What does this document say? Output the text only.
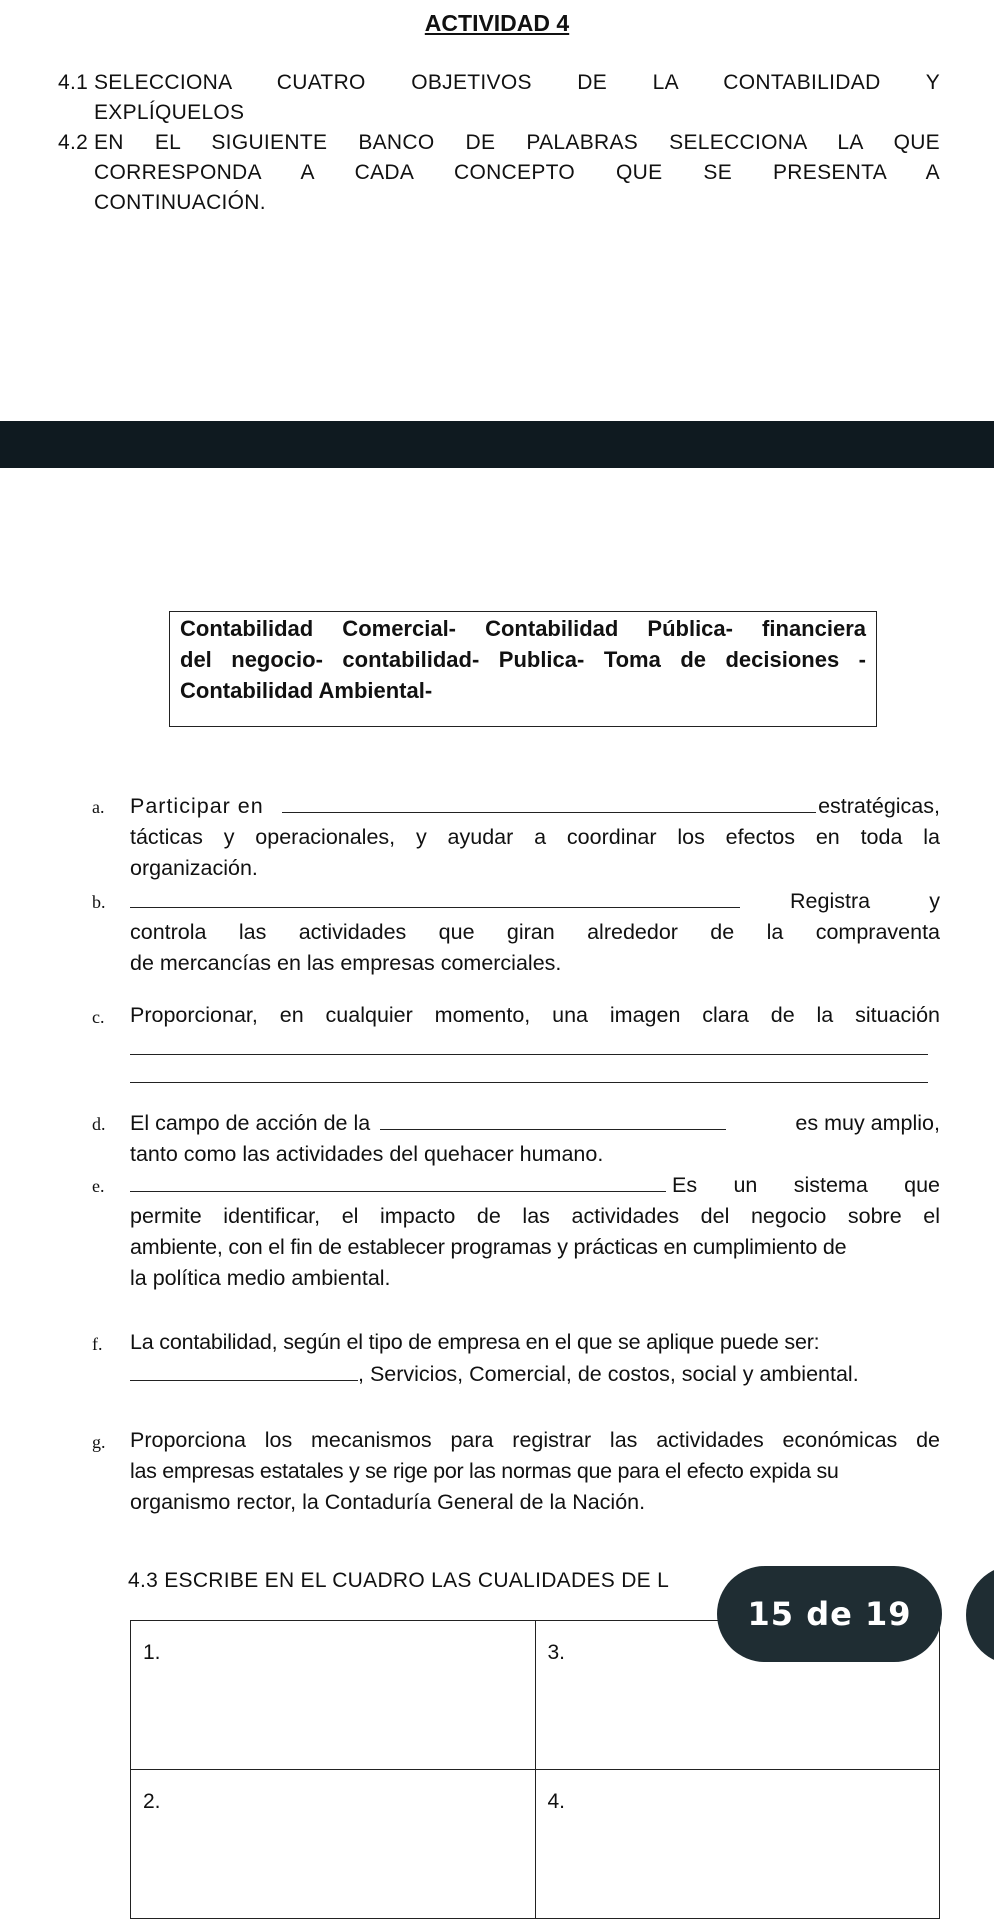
ACTIVIDAD 4
4.1 SELECCIONA CUATRO OBJETIVOS DE LA CONTABILIDAD Y
EXPLÍQUELOS
4.2 EN EL SIGUIENTE BANCO DE PALABRAS SELECCIONA LA QUE
CORRESPONDA A CADA CONCEPTO QUE SE PRESENTA A
CONTINUACIÓN.
Contabilidad Comercial- Contabilidad Pública- financiera
del negocio- contabilidad- Publica- Toma de decisiones -
Contabilidad Ambiental-
a.	Participar en	estratégicas,
tácticas y operacionales, y ayudar a coordinar los efectos en toda la
organización.
b.	Registra y
controla las actividades que giran alrededor de la compraventa
de mercancías en las empresas comerciales.
c.	Proporcionar, en cualquier momento, una imagen clara de la situación
d.	El campo de acción de la	es muy amplio,
tanto como las actividades del quehacer humano.
e.	Es un sistema que
permite identificar, el impacto de las actividades del negocio sobre el
ambiente, con el fin de establecer programas y prácticas en cumplimiento de
la política medio ambiental.
f.	La contabilidad, según el tipo de empresa en el que se aplique puede ser:
, Servicios, Comercial, de costos, social y ambiental.
g.	Proporciona los mecanismos para registrar las actividades económicas de
las empresas estatales y se rige por las normas que para el efecto expida su
organismo rector, la Contaduría General de la Nación.
4.3 ESCRIBE EN EL CUADRO LAS CUALIDADES DE L
1.	3.
2.	4.
15 de 19
